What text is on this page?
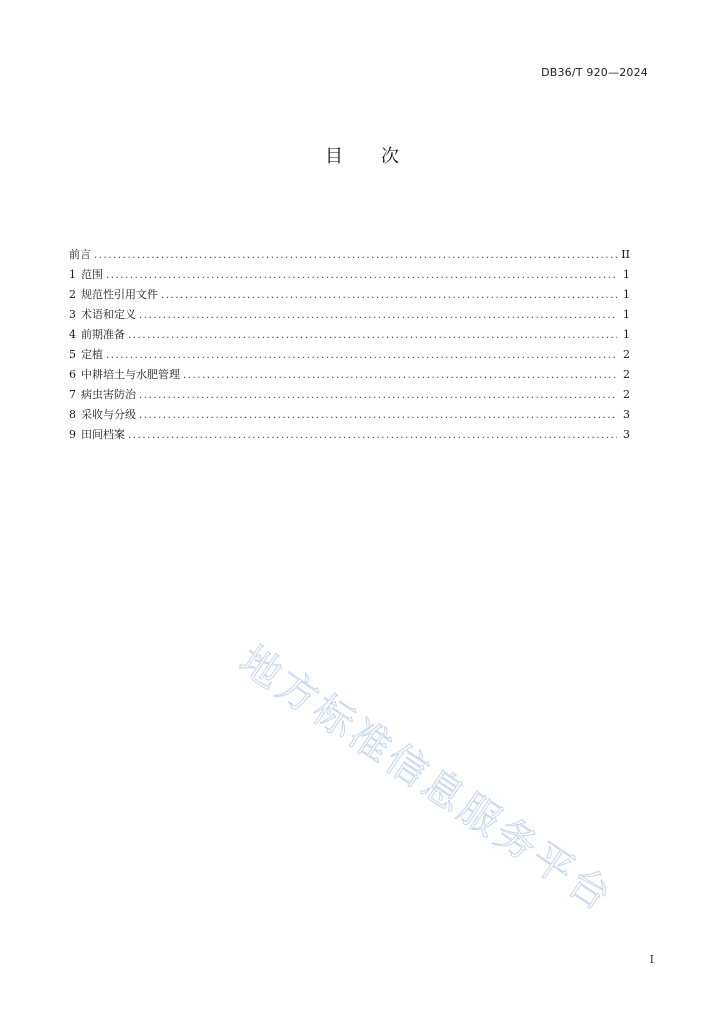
DB36/T 920—2024
目 次
前言 .....	II
1 范围 .....	1
2 规范性引用文件 .....	1
3 术语和定义 .....	1
4 前期准备 .....	1
5 定植 .....	2
6 中耕培土与水肥管理 .....	2
7 病虫害防治 .....	2
8 采收与分级 .....	3
9 田间档案 .....	3
地方标准信息服务平台
I
